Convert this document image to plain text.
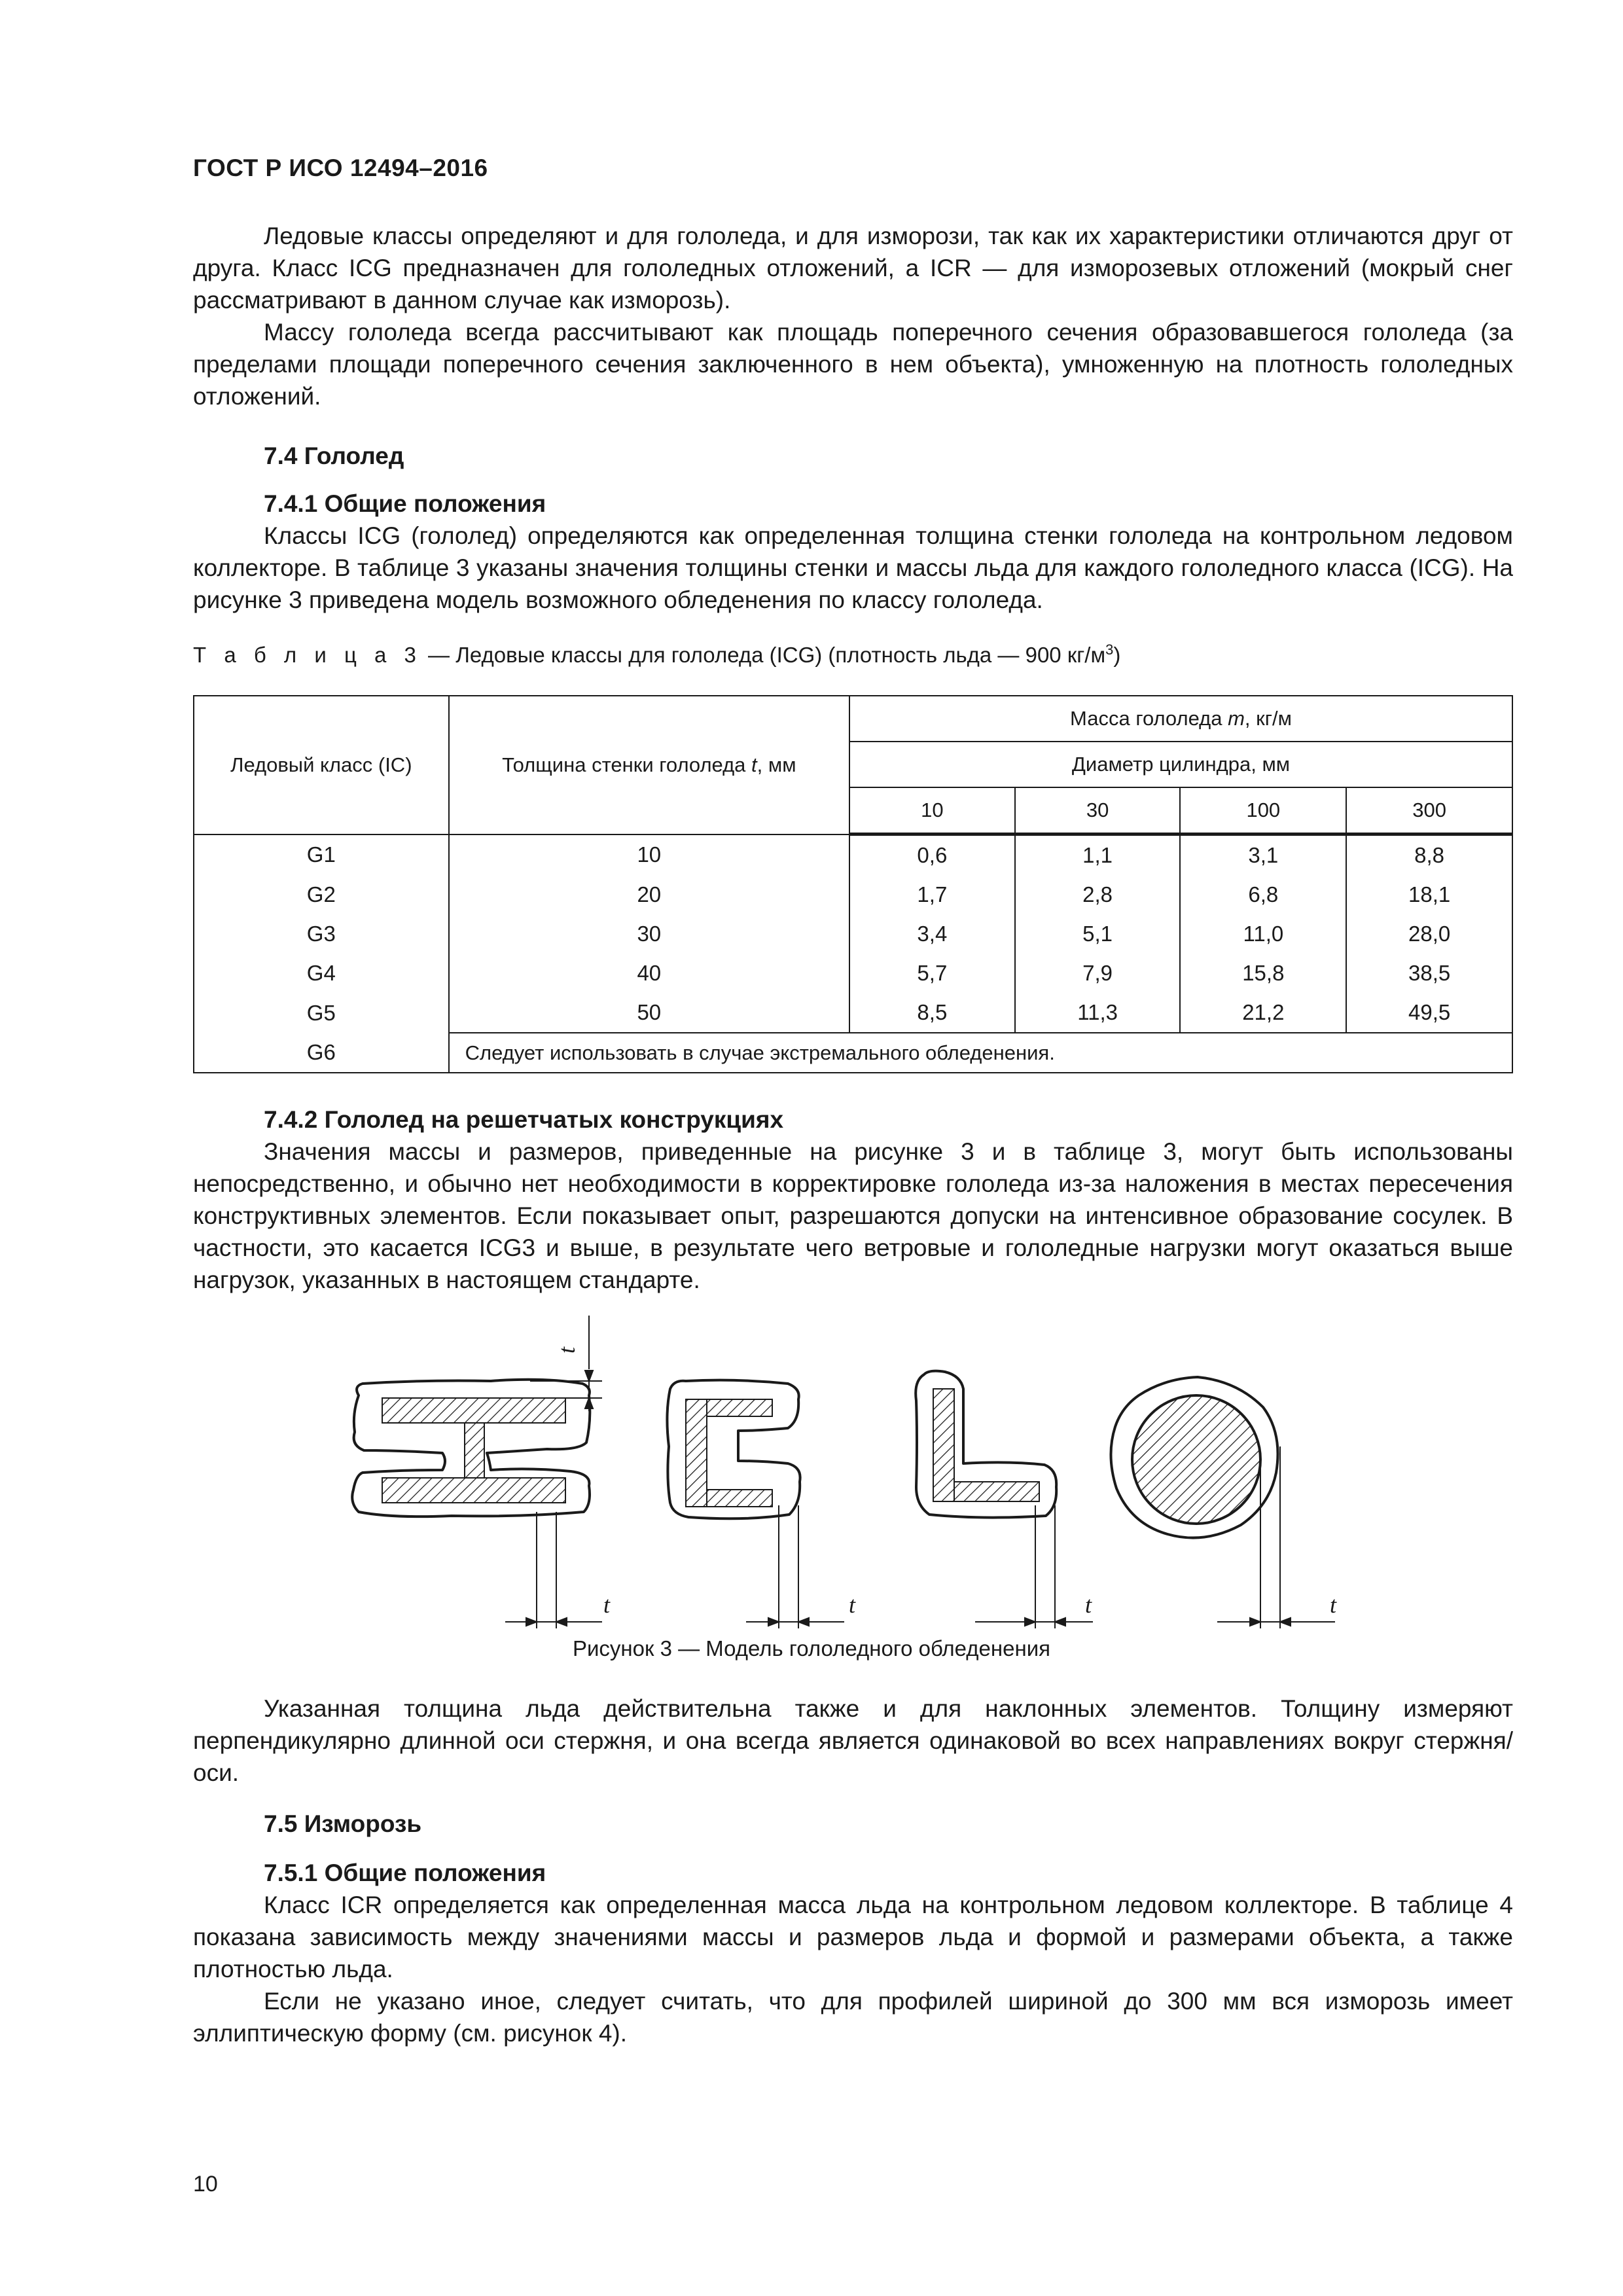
ГОСТ Р ИСО 12494–2016

Ледовые классы определяют и для гололеда, и для изморози, так как их характеристики отличаются друг от друга. Класс ICG предназначен для гололедных отложений, а ICR — для изморозевых отложений (мокрый снег рассматривают в данном случае как изморозь).

Массу гололеда всегда рассчитывают как площадь поперечного сечения образовавшегося гололеда (за пределами площади поперечного сечения заключенного в нем объекта), умноженную на плотность гололедных отложений.

7.4 Гололед
7.4.1 Общие положения

Классы ICG (гололед) определяются как определенная толщина стенки гололеда на контрольном ледовом коллекторе. В таблице 3 указаны значения толщины стенки и массы льда для каждого гололедного класса (ICG). На рисунке 3 приведена модель возможного обледенения по классу гололеда.

Т а б л и ц а 3 — Ледовые классы для гололеда (ICG) (плотность льда — 900 $кг/м^3$)
Ледовый класс (IC)	Толщина стенки гололеда t, мм	Масса гололеда m, кг/м			
		Диаметр цилиндра, мм			
		10	30	100	300
G1	10	0,6	1,1	3,1	8,8
G2	20	1,7	2,8	6,8	18,1
G3	30	3,4	5,1	11,0	28,0
G4	40	5,7	7,9	15,8	38,5
G5	50	8,5	11,3	21,2	49,5
G6	Следует использовать в случае экстремального обледенения.				
7.4.2 Гололед на решетчатых конструкциях

Значения массы и размеров, приведенные на рисунке 3 и в таблице 3, могут быть использованы непосредственно, и обычно нет необходимости в корректировке гололеда из-за наложения в местах пересечения конструктивных элементов. Если показывает опыт, разрешаются допуски на интенсивное образование сосулек. В частности, это касается ICG3 и выше, в результате чего ветровые и гололедные нагрузки могут оказаться выше нагрузок, указанных в настоящем стандарте.

t
t	t	t	t
Рисунок 3 — Модель гололедного обледенения

Указанная толщина льда действительна также и для наклонных элементов. Толщину измеряют перпендикулярно длинной оси стержня, и она всегда является одинаковой во всех направлениях вокруг стержня/оси.

7.5 Изморозь
7.5.1 Общие положения

Класс ICR определяется как определенная масса льда на контрольном ледовом коллекторе. В таблице 4 показана зависимость между значениями массы и размеров льда и формой и размерами объекта, а также плотностью льда.

Если не указано иное, следует считать, что для профилей шириной до 300 мм вся изморозь имеет эллиптическую форму (см. рисунок 4).

10
